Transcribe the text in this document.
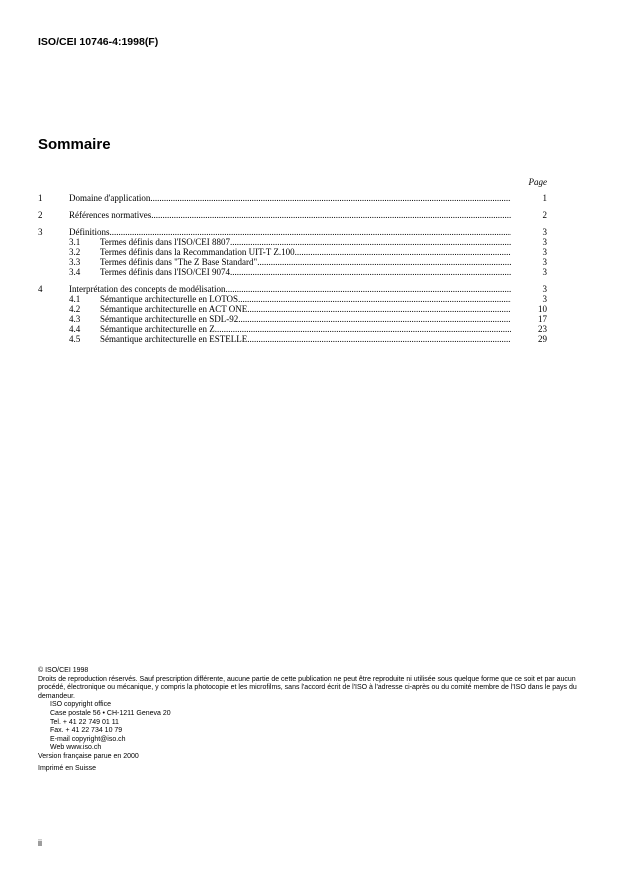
ISO/CEI 10746-4:1998(F)
Sommaire
Page
1	Domaine d'application .....	1
2	Références normatives .....	2
3	Définitions .....	3
3.1	Termes définis dans l'ISO/CEI 8807 .....	3
3.2	Termes définis dans la Recommandation UIT-T Z.100 .....	3
3.3	Termes définis dans "The Z Base Standard" .....	3
3.4	Termes définis dans l'ISO/CEI 9074 .....	3
4	Interprétation des concepts de modélisation .....	3
4.1	Sémantique architecturelle en LOTOS .....	3
4.2	Sémantique architecturelle en ACT ONE .....	10
4.3	Sémantique architecturelle en SDL-92 .....	17
4.4	Sémantique architecturelle en Z .....	23
4.5	Sémantique architecturelle en ESTELLE .....	29

© ISO/CEI 1998

Droits de reproduction réservés. Sauf prescription différente, aucune partie de cette publication ne peut être reproduite ni utilisée sous quelque forme que ce soit et par aucun procédé, électronique ou mécanique, y compris la photocopie et les microfilms, sans l'accord écrit de l'ISO à l'adresse ci-après ou du comité membre de l'ISO dans le pays du demandeur.

ISO copyright office

Case postale 56 • CH-1211 Geneva 20

Tel. + 41 22 749 01 11

Fax. + 41 22 734 10 79

E-mail copyright@iso.ch

Web www.iso.ch

Version française parue en 2000

Imprimé en Suisse

ii
